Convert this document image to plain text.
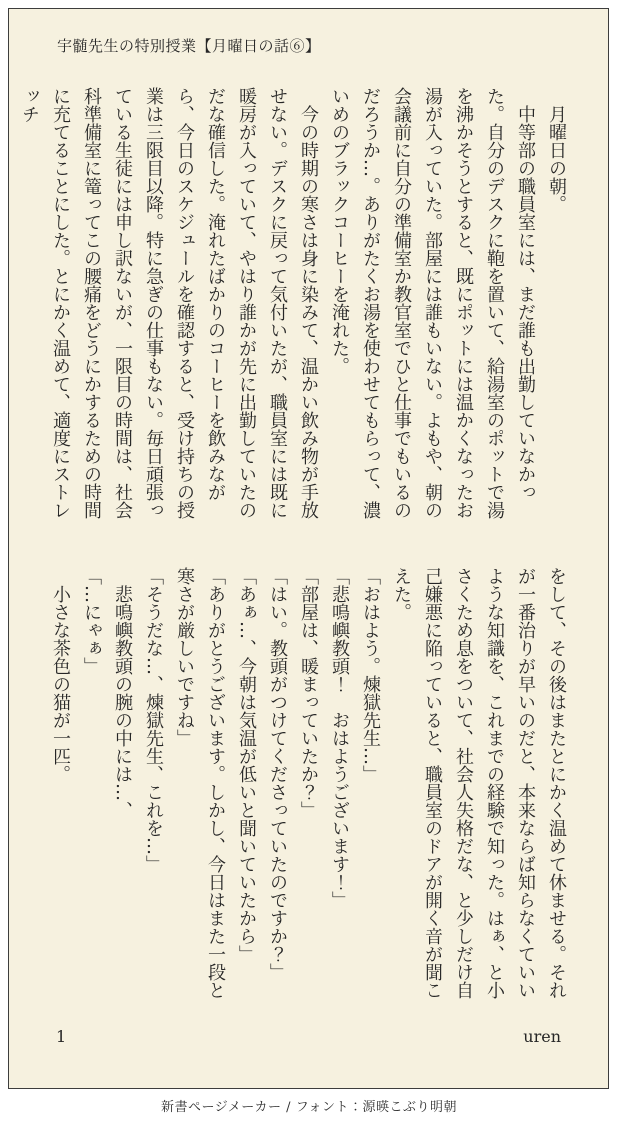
宇髄先生の特別授業【月曜日の話⑥】

　月曜日の朝。

　中等部の職員室には、まだ誰も出勤していなかった。自分のデスクに鞄を置いて、給湯室のポットで湯を沸かそうとすると、既にポットには温かくなったお湯が入っていた。部屋には誰もいない。よもや、朝の会議前に自分の準備室か教官室でひと仕事でもいるのだろうか…。ありがたくお湯を使わせてもらって、濃いめのブラックコーヒーを淹れた。

　今の時期の寒さは身に染みて、温かい飲み物が手放せない。デスクに戻って気付いたが、職員室には既に暖房が入っていて、やはり誰かが先に出勤していたのだな確信した。淹れたばかりのコーヒーを飲みながら、今日のスケジュールを確認すると、受け持ちの授業は三限目以降。特に急ぎの仕事もない。毎日頑張っている生徒には申し訳ないが、一限目の時間は、社会科準備室に篭ってこの腰痛をどうにかするための時間に充てることにした。とにかく温めて、適度にストレッチ

をして、その後はまたとにかく温めて休ませる。それが一番治りが早いのだと、本来ならば知らなくていいような知識を、これまでの経験で知った。はぁ、と小さくため息をついて、社会人失格だな、と少しだけ自己嫌悪に陥っていると、職員室のドアが開く音が聞こえた。

「おはよう。煉獄先生…」

「悲鳴嶼教頭！　おはようございます！」

「部屋は、暖まっていたか？」

「はい。教頭がつけてくださっていたのですか？」

「あぁ…、今朝は気温が低いと聞いていたから」

「ありがとうございます。しかし、今日はまた一段と寒さが厳しいですね」

「そうだな…、煉獄先生、これを…」

　悲鳴嶼教頭の腕の中には…、

「…にゃぁ」

　小さな茶色の猫が一匹。

1	uren
新書ページメーカー / フォント：源暎こぶり明朝
